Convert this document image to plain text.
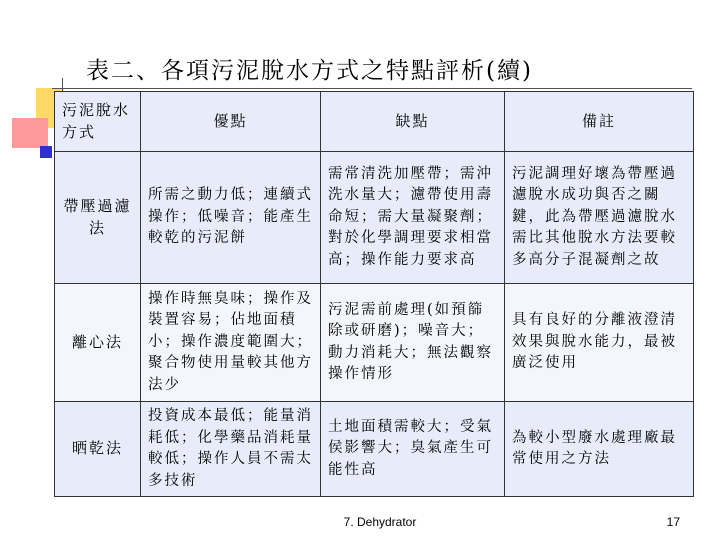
表二、各項污泥脫水方式之特點評析(續)
污泥脫水方式	優點	缺點	備註
帶壓過濾法	所需之動力低；連續式操作；低噪音；能產生較乾的污泥餅	需常清洗加壓帶；需沖洗水量大；濾帶使用壽命短；需大量凝聚劑；對於化學調理要求相當高；操作能力要求高	污泥調理好壞為帶壓過濾脫水成功與否之關鍵，此為帶壓過濾脫水需比其他脫水方法要較多高分子混凝劑之故
離心法	操作時無臭味；操作及裝置容易；佔地面積小；操作濃度範圍大；聚合物使用量較其他方法少	污泥需前處理(如預篩除或研磨)；噪音大；動力消耗大；無法觀察操作情形	具有良好的分離液澄清效果與脫水能力，最被廣泛使用
晒乾法	投資成本最低；能量消耗低；化學藥品消耗量較低；操作人員不需太多技術	土地面積需較大；受氣侯影響大；臭氣產生可能性高	為較小型廢水處理廠最常使用之方法
7. Dehydrator	17
